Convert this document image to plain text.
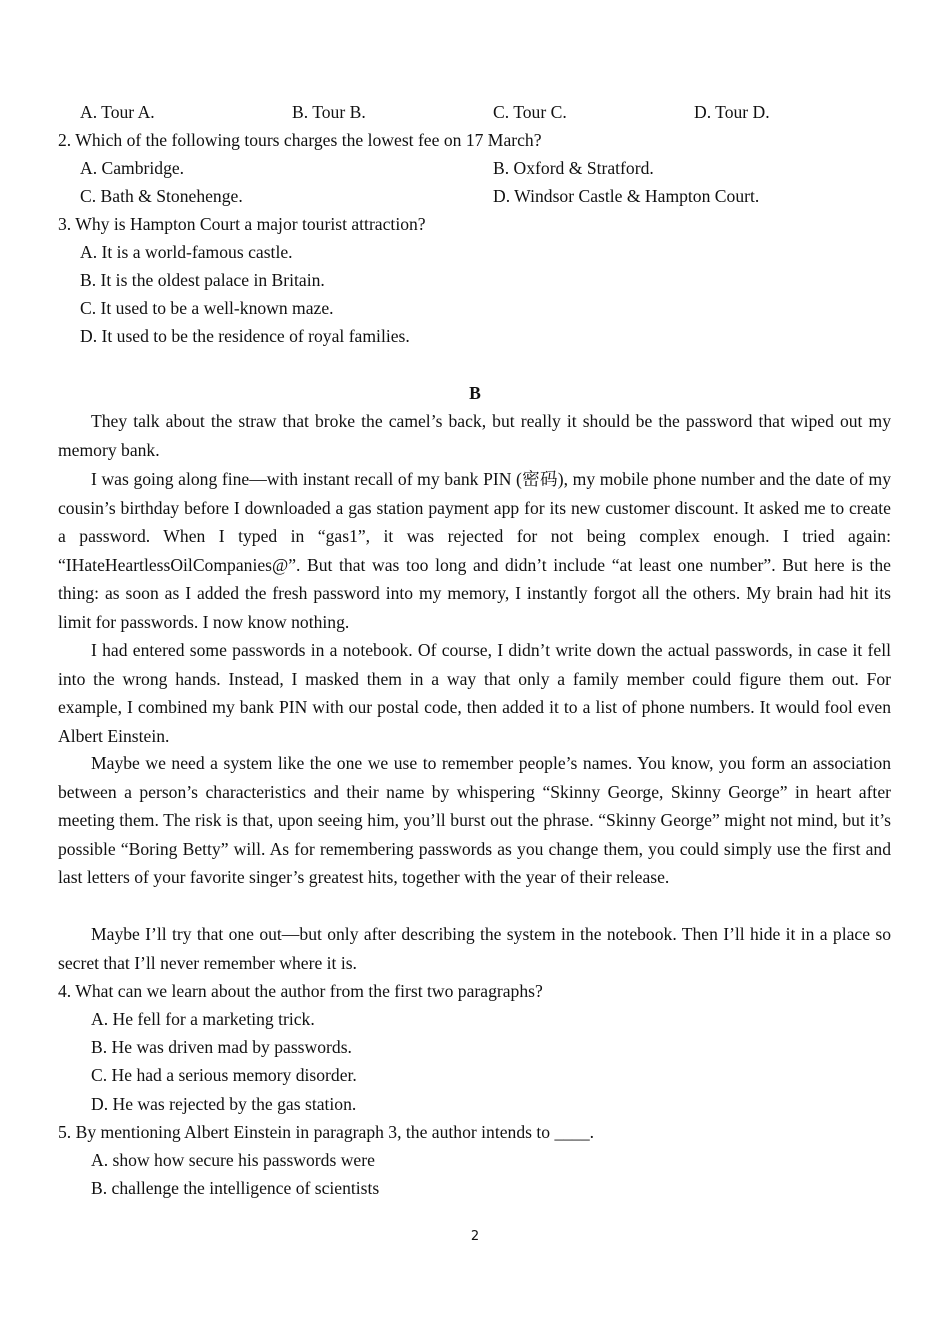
A. Tour A.	B. Tour B.	C. Tour C.	D. Tour D.
2. Which of the following tours charges the lowest fee on 17 March?
A. Cambridge.	B. Oxford & Stratford.
C. Bath & Stonehenge.	D. Windsor Castle & Hampton Court.
3. Why is Hampton Court a major tourist attraction?
A. It is a world-famous castle.
B. It is the oldest palace in Britain.
C. It used to be a well-known maze.
D. It used to be the residence of royal families.
B
They talk about the straw that broke the camel’s back, but really it should be the password that wiped out my memory bank.
I was going along fine—with instant recall of my bank PIN (密码), my mobile phone number and the date of my cousin’s birthday before I downloaded a gas station payment app for its new customer discount. It asked me to create a password. When I typed in “gas1”, it was rejected for not being complex enough. I tried again: “IHateHeartlessOilCompanies@”. But that was too long and didn’t include “at least one number”. But here is the thing: as soon as I added the fresh password into my memory, I instantly forgot all the others. My brain had hit its limit for passwords. I now know nothing.
I had entered some passwords in a notebook. Of course, I didn’t write down the actual passwords, in case it fell into the wrong hands. Instead, I masked them in a way that only a family member could figure them out. For example, I combined my bank PIN with our postal code, then added it to a list of phone numbers. It would fool even Albert Einstein.
Maybe we need a system like the one we use to remember people’s names. You know, you form an association between a person’s characteristics and their name by whispering “Skinny George, Skinny George” in heart after meeting them. The risk is that, upon seeing him, you’ll burst out the phrase. “Skinny George” might not mind, but it’s possible “Boring Betty” will. As for remembering passwords as you change them, you could simply use the first and last letters of your favorite singer’s greatest hits, together with the year of their release.
Maybe I’ll try that one out—but only after describing the system in the notebook. Then I’ll hide it in a place so secret that I’ll never remember where it is.
4. What can we learn about the author from the first two paragraphs?
A. He fell for a marketing trick.
B. He was driven mad by passwords.
C. He had a serious memory disorder.
D. He was rejected by the gas station.
5. By mentioning Albert Einstein in paragraph 3, the author intends to ____.
A. show how secure his passwords were
B. challenge the intelligence of scientists
2
